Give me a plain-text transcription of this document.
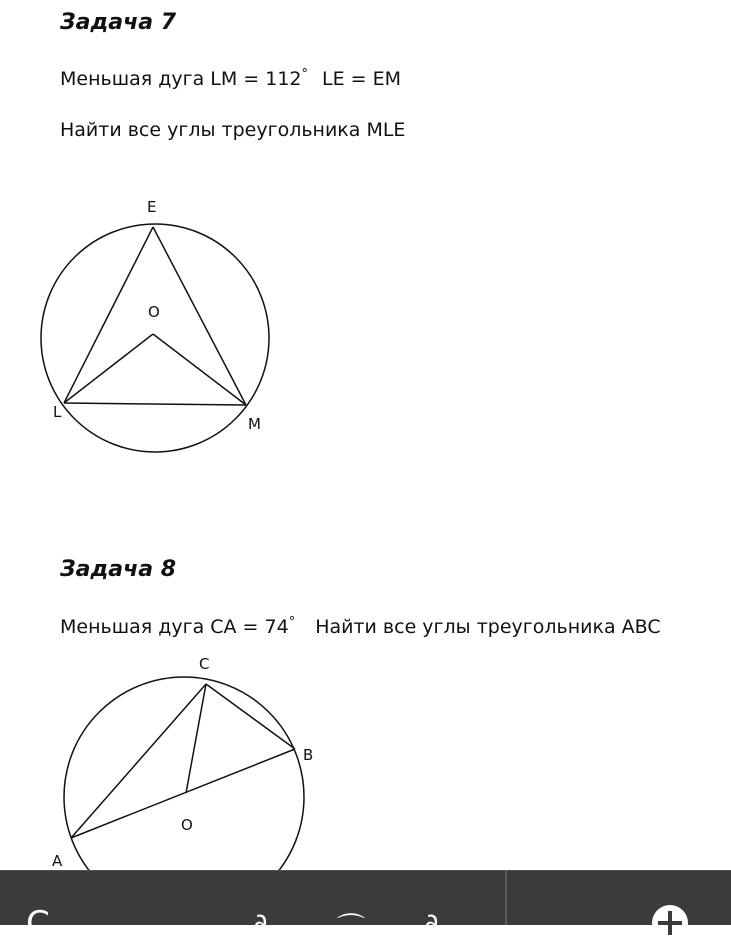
Задача 7
Меньшая дуга LM = 112° LE = EM
Найти все углы треугольника MLE
E
O
L
M
Задача 8
Меньшая дуга CA = 74° Найти все углы треугольника ABC
C
B
O
A
C	∂ ⌒ ∂
